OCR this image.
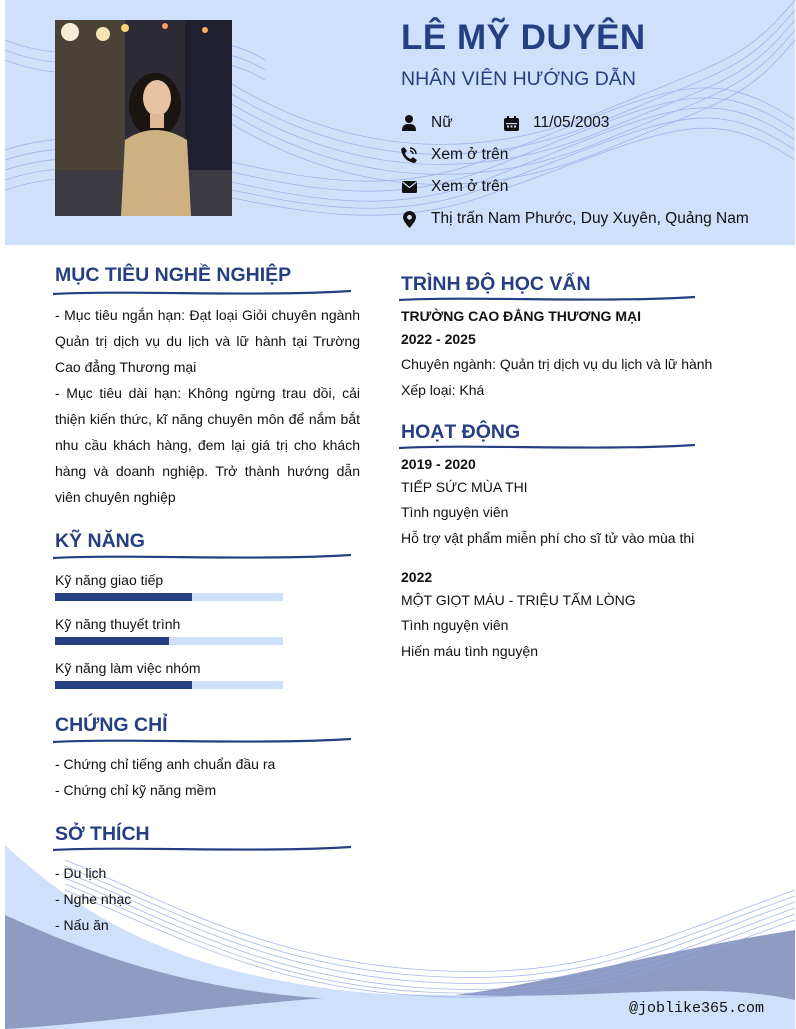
LÊ MỸ DUYÊN
NHÂN VIÊN HƯỚNG DẪN
Nữ	11/05/2003
Xem ở trên
Xem ở trên
Thị trấn Nam Phước, Duy Xuyên, Quảng Nam
MỤC TIÊU NGHỀ NGHIỆP
- Mục tiêu ngắn hạn: Đạt loại Giỏi chuyên ngành Quản trị dịch vụ du lịch và lữ hành tại Trường Cao đẳng Thương mại
- Mục tiêu dài hạn: Không ngừng trau dồi, cải thiện kiến thức, kĩ năng chuyên môn để nắm bắt nhu cầu khách hàng, đem lại giá trị cho khách hàng và doanh nghiệp. Trở thành hướng dẫn viên chuyên nghiệp
KỸ NĂNG
Kỹ năng giao tiếp
Kỹ năng thuyết trình
Kỹ năng làm việc nhóm
CHỨNG CHỈ
- Chứng chỉ tiếng anh chuẩn đầu ra
- Chứng chỉ kỹ năng mềm
SỞ THÍCH
- Du lịch
- Nghe nhạc
- Nấu ăn
TRÌNH ĐỘ HỌC VẤN
TRƯỜNG CAO ĐẲNG THƯƠNG MẠI
2022 - 2025
Chuyên ngành: Quản trị dịch vụ du lịch và lữ hành
Xếp loại: Khá
HOẠT ĐỘNG
2019 - 2020
TIẾP SỨC MÙA THI
Tình nguyện viên
Hỗ trợ vật phẩm miễn phí cho sĩ tử vào mùa thi
2022
MỘT GIỌT MÁU - TRIỆU TẤM LÒNG
Tình nguyện viên
Hiến máu tình nguyện
@joblike365.com
